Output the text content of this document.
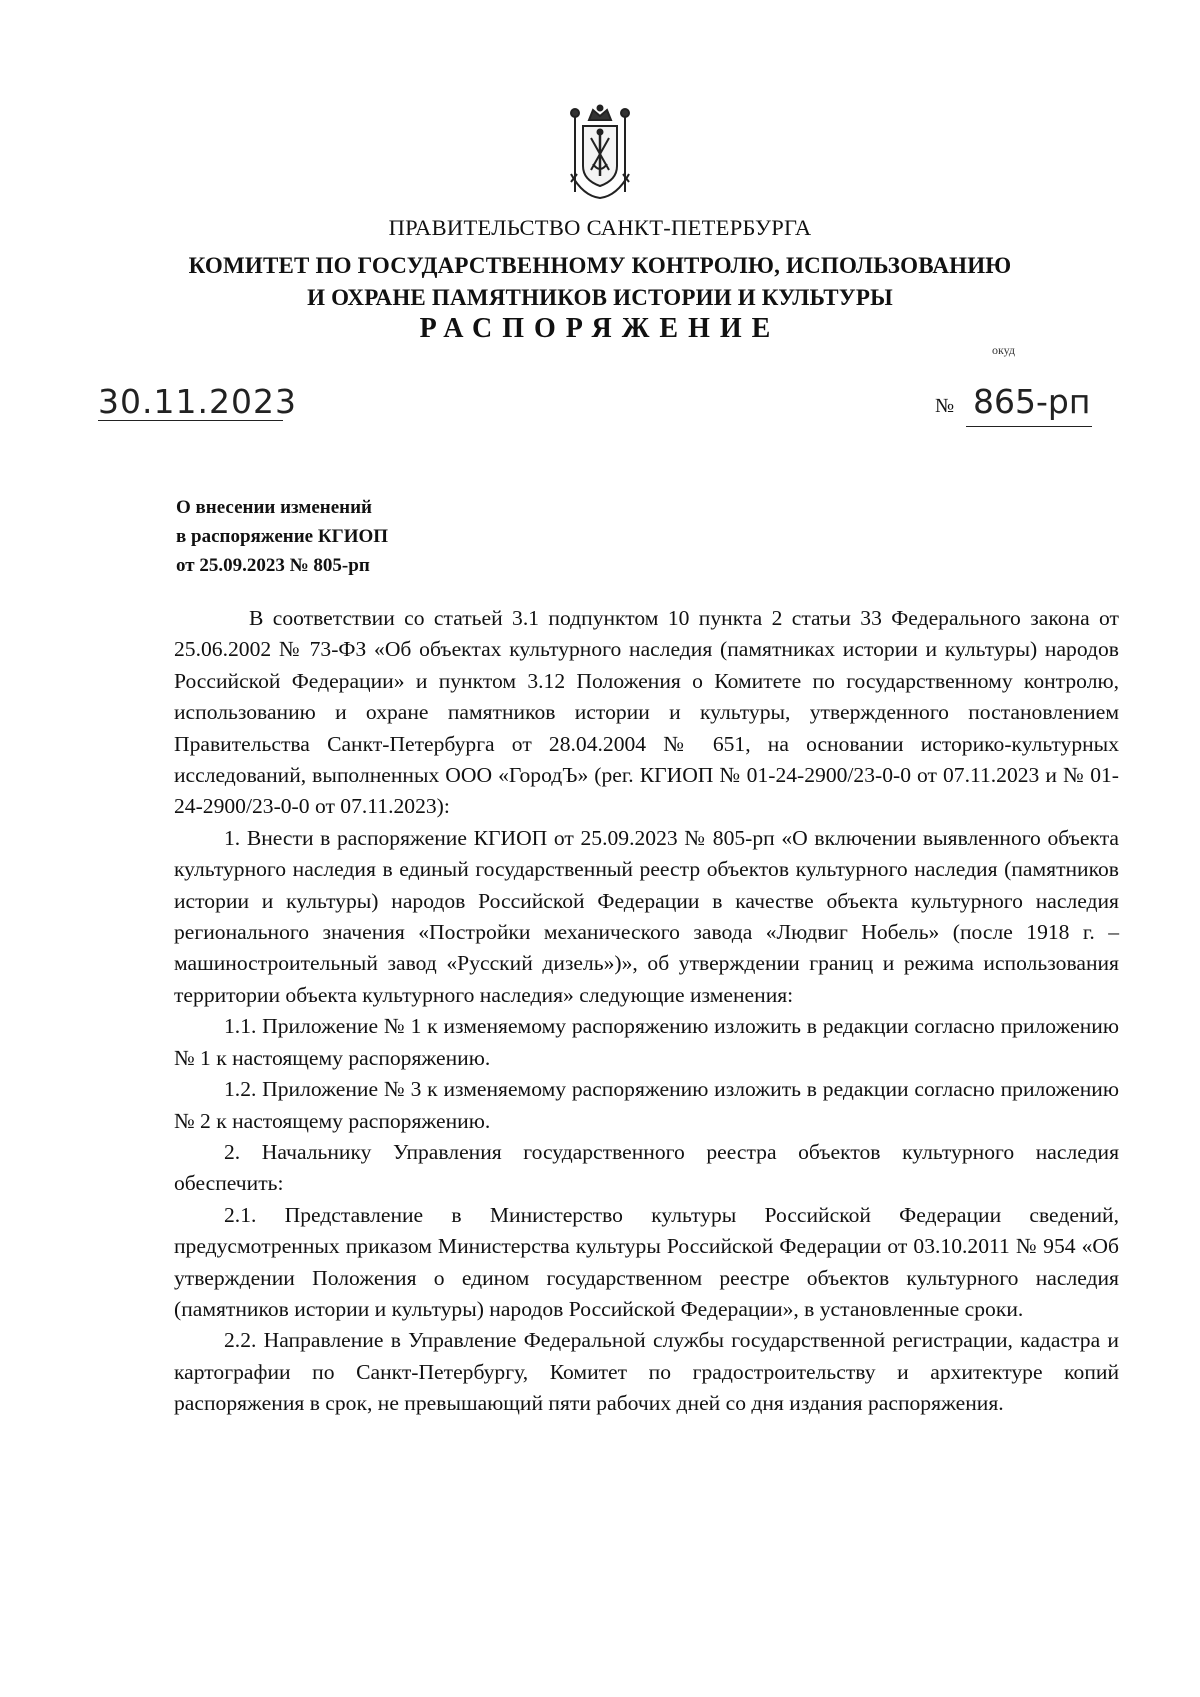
ПРАВИТЕЛЬСТВО САНКТ-ПЕТЕРБУРГА
КОМИТЕТ ПО ГОСУДАРСТВЕННОМУ КОНТРОЛЮ, ИСПОЛЬЗОВАНИЮ
И ОХРАНЕ ПАМЯТНИКОВ ИСТОРИИ И КУЛЬТУРЫ
РАСПОРЯЖЕНИЕ
окуд
30.11.2023	№ 865-рп
О внесении изменений
в распоряжение КГИОП
от 25.09.2023 № 805-рп

В соответствии со статьей 3.1 подпунктом 10 пункта 2 статьи 33 Федерального закона от 25.06.2002 № 73-ФЗ «Об объектах культурного наследия (памятниках истории и культуры) народов Российской Федерации» и пунктом 3.12 Положения о Комитете по государственному контролю, использованию и охране памятников истории и культуры, утвержденного постановлением Правительства Санкт-Петербурга от 28.04.2004 № 651, на основании историко-культурных исследований, выполненных ООО «ГородЪ» (рег. КГИОП № 01-24-2900/23-0-0 от 07.11.2023 и № 01-24-2900/23-0-0 от 07.11.2023):

1. Внести в распоряжение КГИОП от 25.09.2023 № 805-рп «О включении выявленного объекта культурного наследия в единый государственный реестр объектов культурного наследия (памятников истории и культуры) народов Российской Федерации в качестве объекта культурного наследия регионального значения «Постройки механического завода «Людвиг Нобель» (после 1918 г. – машиностроительный завод «Русский дизель»)», об утверждении границ и режима использования территории объекта культурного наследия» следующие изменения:

1.1. Приложение № 1 к изменяемому распоряжению изложить в редакции согласно приложению № 1 к настоящему распоряжению.

1.2. Приложение № 3 к изменяемому распоряжению изложить в редакции согласно приложению № 2 к настоящему распоряжению.

2. Начальнику Управления государственного реестра объектов культурного наследия обеспечить:

2.1. Представление в Министерство культуры Российской Федерации сведений, предусмотренных приказом Министерства культуры Российской Федерации от 03.10.2011 № 954 «Об утверждении Положения о едином государственном реестре объектов культурного наследия (памятников истории и культуры) народов Российской Федерации», в установленные сроки.

2.2. Направление в Управление Федеральной службы государственной регистрации, кадастра и картографии по Санкт-Петербургу, Комитет по градостроительству и архитектуре копий распоряжения в срок, не превышающий пяти рабочих дней со дня издания распоряжения.
